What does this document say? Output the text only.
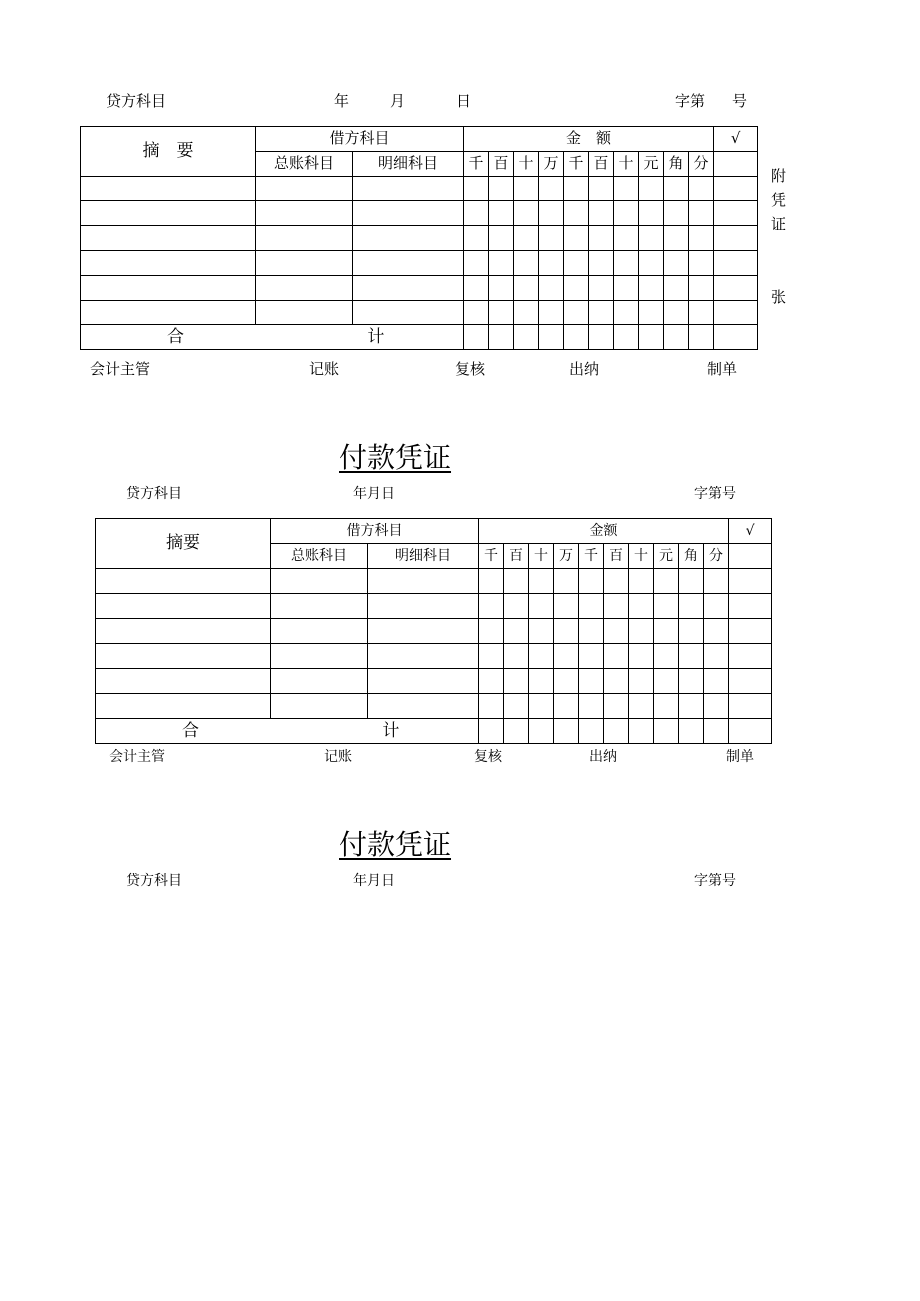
贷方科目	年	月	日	字第 号
摘　要	借方科目		金　额										√
	总账科目	明细科目	千	百	十	万	千	百	十	元	角	分	

合 计													
附
凭
证
张
会计主管	记账	复核	出纳	制单
付款凭证
贷方科目	年月日	字第号
摘要	借方科目		金额										√
	总账科目	明细科目	千	百	十	万	千	百	十	元	角	分	

合 计													
会计主管	记账	复核	出纳	制单
付款凭证
贷方科目	年月日	字第号
